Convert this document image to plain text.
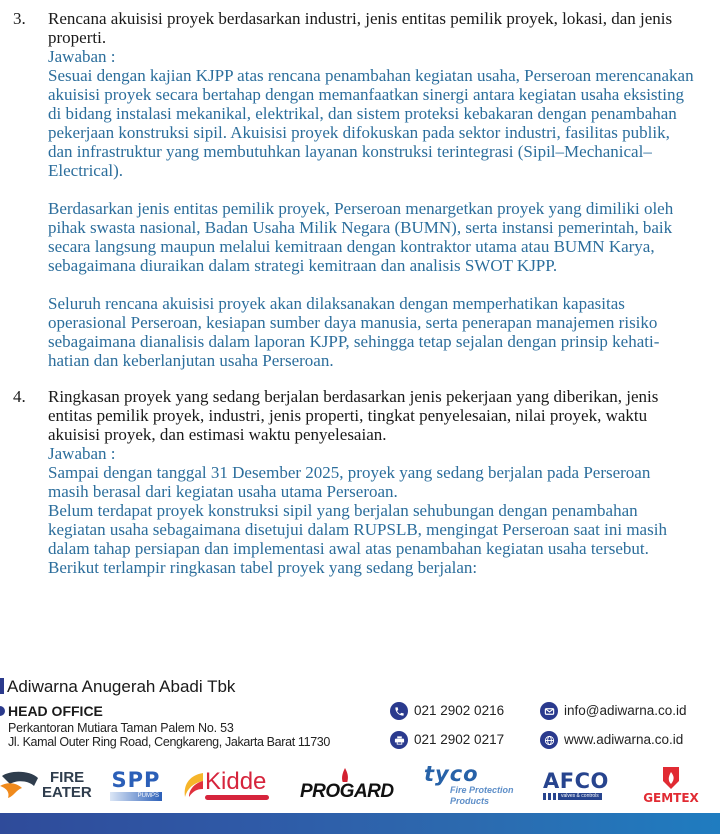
3. Rencana akuisisi proyek berdasarkan industri, jenis entitas pemilik proyek, lokasi, dan jenis
properti.
Jawaban :
Sesuai dengan kajian KJPP atas rencana penambahan kegiatan usaha, Perseroan merencanakan
akuisisi proyek secara bertahap dengan memanfaatkan sinergi antara kegiatan usaha eksisting
di bidang instalasi mekanikal, elektrikal, dan sistem proteksi kebakaran dengan penambahan
pekerjaan konstruksi sipil. Akuisisi proyek difokuskan pada sektor industri, fasilitas publik,
dan infrastruktur yang membutuhkan layanan konstruksi terintegrasi (Sipil–Mechanical–
Electrical).
Berdasarkan jenis entitas pemilik proyek, Perseroan menargetkan proyek yang dimiliki oleh
pihak swasta nasional, Badan Usaha Milik Negara (BUMN), serta instansi pemerintah, baik
secara langsung maupun melalui kemitraan dengan kontraktor utama atau BUMN Karya,
sebagaimana diuraikan dalam strategi kemitraan dan analisis SWOT KJPP.
Seluruh rencana akuisisi proyek akan dilaksanakan dengan memperhatikan kapasitas
operasional Perseroan, kesiapan sumber daya manusia, serta penerapan manajemen risiko
sebagaimana dianalisis dalam laporan KJPP, sehingga tetap sejalan dengan prinsip kehati-
hatian dan keberlanjutan usaha Perseroan.
4. Ringkasan proyek yang sedang berjalan berdasarkan jenis pekerjaan yang diberikan, jenis
entitas pemilik proyek, industri, jenis properti, tingkat penyelesaian, nilai proyek, waktu
akuisisi proyek, dan estimasi waktu penyelesaian.
Jawaban :
Sampai dengan tanggal 31 Desember 2025, proyek yang sedang berjalan pada Perseroan
masih berasal dari kegiatan usaha utama Perseroan.
Belum terdapat proyek konstruksi sipil yang berjalan sehubungan dengan penambahan
kegiatan usaha sebagaimana disetujui dalam RUPSLB, mengingat Perseroan saat ini masih
dalam tahap persiapan dan implementasi awal atas penambahan kegiatan usaha tersebut.
Berikut terlampir ringkasan tabel proyek yang sedang berjalan:
Adiwarna Anugerah Abadi Tbk
HEAD OFFICE
Perkantoran Mutiara Taman Palem No. 53
Jl. Kamal Outer Ring Road, Cengkareng, Jakarta Barat 11730
021 2902 0216
021 2902 0217
info@adiwarna.co.id
www.adiwarna.co.id
FIRE
EATER
SPP
PUMPS
Kidde PROGARD
tyco
Fire Protection
Products
AFCO
valves & controls	GEMTEX
